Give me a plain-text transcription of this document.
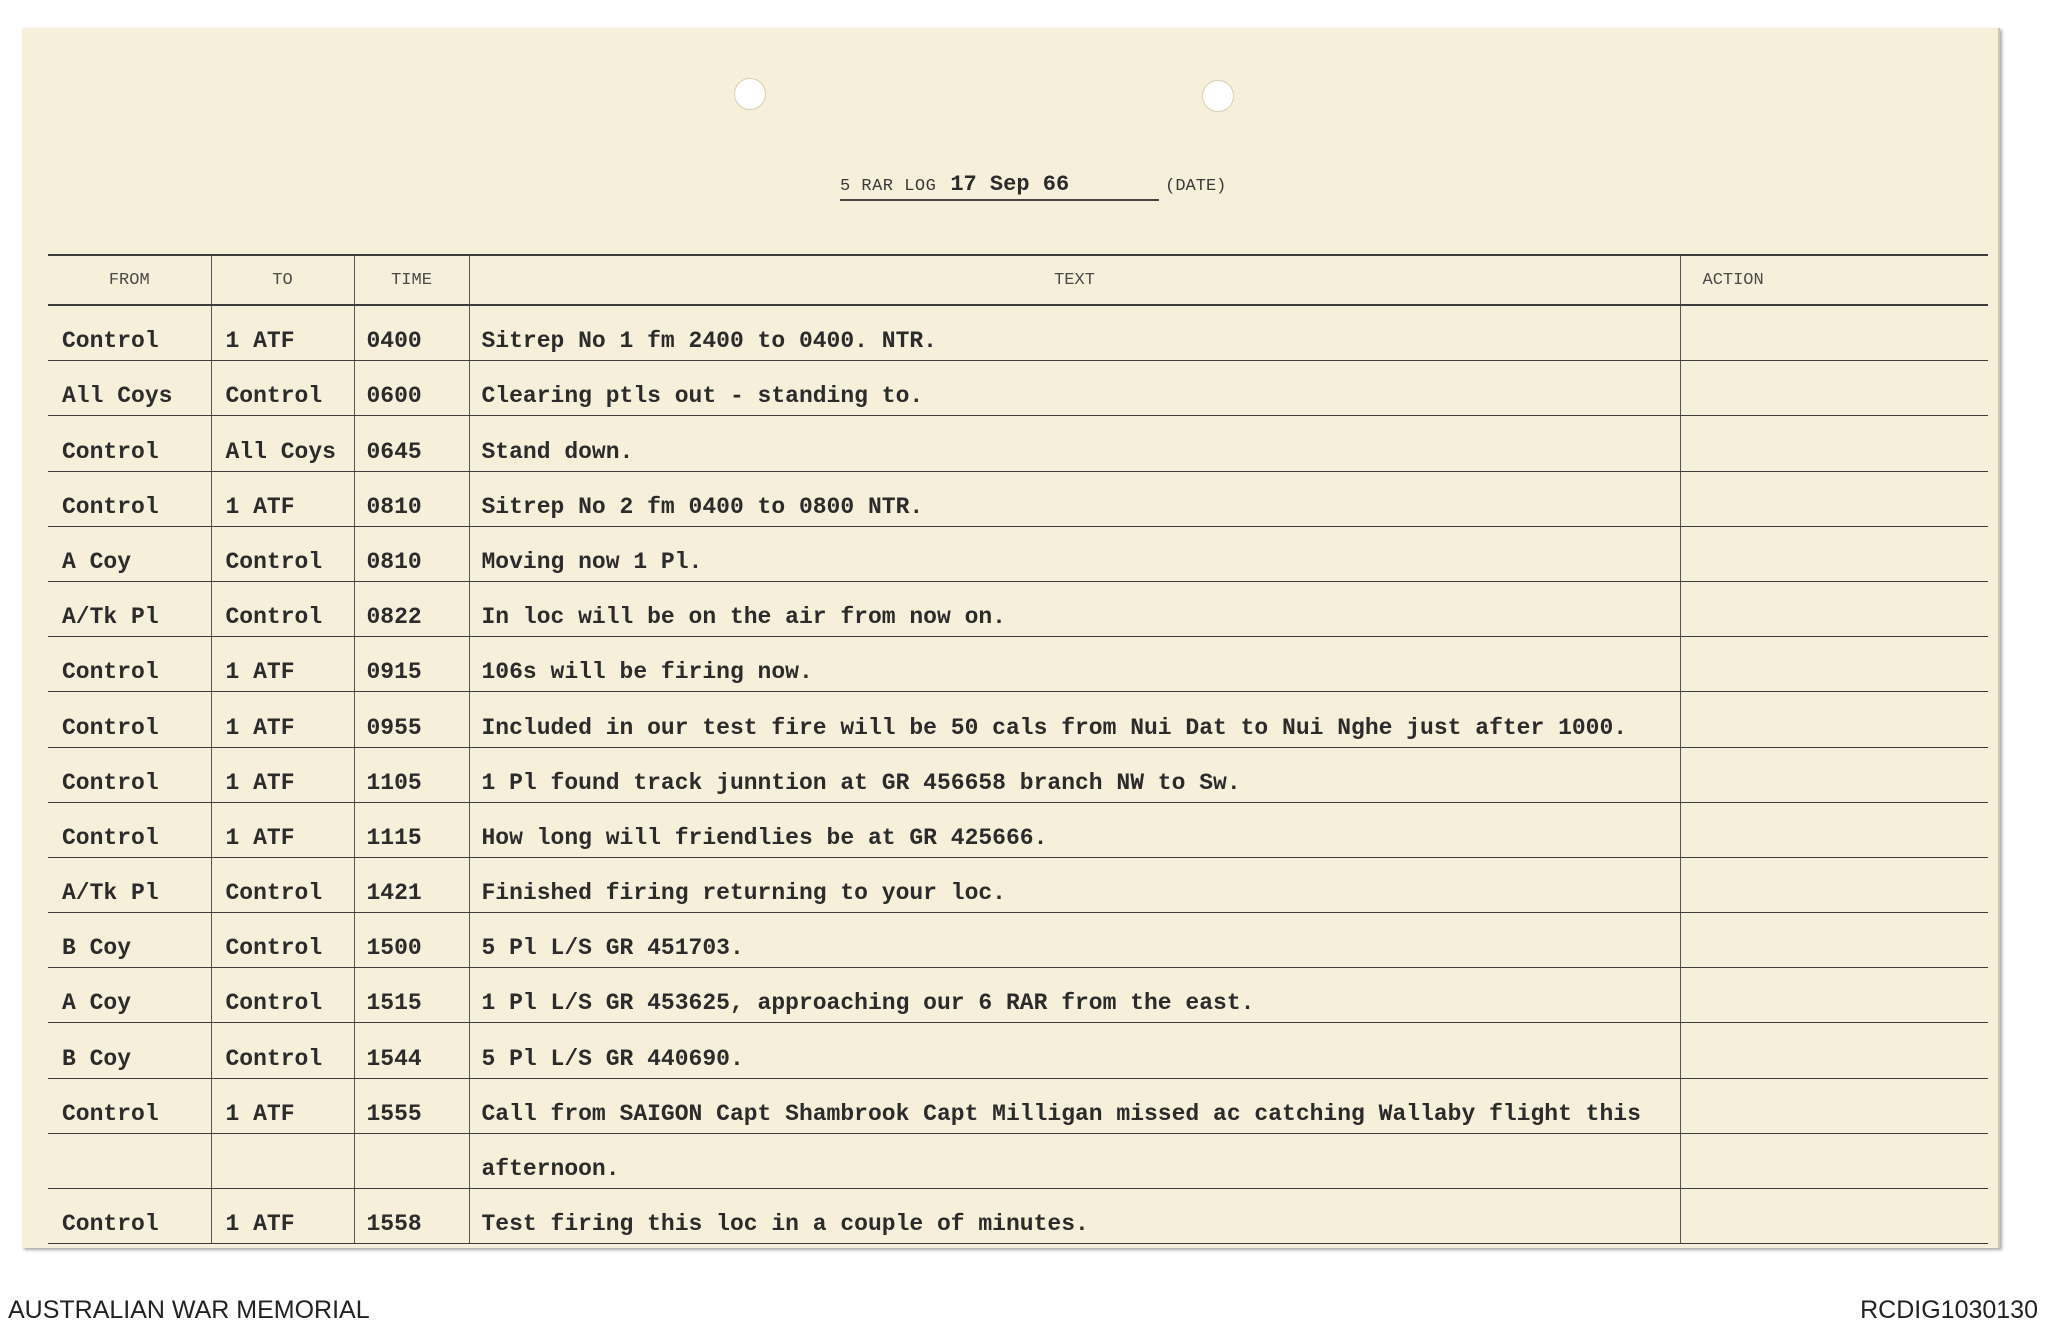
5 RAR LOG 17 Sep 66	(DATE)
FROM	TO	TIME	TEXT	ACTION
Control	1 ATF	0400	Sitrep No 1 fm 2400 to 0400. NTR.	
All Coys	Control	0600	Clearing ptls out - standing to.	
Control	All Coys	0645	Stand down.	
Control	1 ATF	0810	Sitrep No 2 fm 0400 to 0800 NTR.	
A Coy	Control	0810	Moving now 1 Pl.	
A/Tk Pl	Control	0822	In loc will be on the air from now on.	
Control	1 ATF	0915	106s will be firing now.	
Control	1 ATF	0955	Included in our test fire will be 50 cals from Nui Dat to Nui Nghe just after 1000.	
Control	1 ATF	1105	1 Pl found track junntion at GR 456658 branch NW to Sw.	
Control	1 ATF	1115	How long will friendlies be at GR 425666.	
A/Tk Pl	Control	1421	Finished firing returning to your loc.	
B Coy	Control	1500	5 Pl L/S GR 451703.	
A Coy	Control	1515	1 Pl L/S GR 453625, approaching our 6 RAR from the east.	
B Coy	Control	1544	5 Pl L/S GR 440690.	
Control	1 ATF	1555	Call from SAIGON Capt Shambrook Capt Milligan missed ac catching Wallaby flight this	
			afternoon.	
Control	1 ATF	1558	Test firing this loc in a couple of minutes.	
AUSTRALIAN WAR MEMORIAL	RCDIG1030130
